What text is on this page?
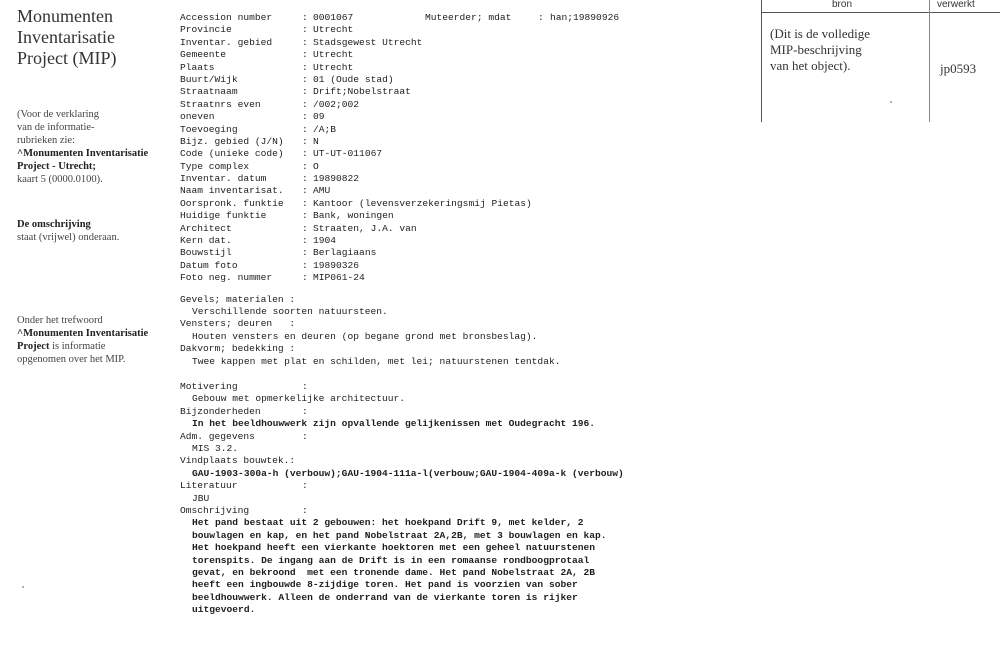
Monumenten
Inventarisatie
Project (MIP)
(Voor de verklaring
van de informatie-
rubrieken zie:
^Monumenten Inventarisatie
Project - Utrecht;
kaart 5 (0000.0100).
De omschrijving
staat (vrijwel) onderaan.
Onder het trefwoord
^Monumenten Inventarisatie
Project is informatie
opgenomen over het MIP.
Accession number	: 0001067	Muteerder; mdat	: han;19890926
Provincie	: Utrecht
Inventar. gebied	: Stadsgewest Utrecht
Gemeente	: Utrecht
Plaats	: Utrecht
Buurt/Wijk	: 01 (Oude stad)
Straatnaam	: Drift;Nobelstraat
Straatnrs even	: /002;002
oneven	: 09
Toevoeging	: /A;B
Bijz. gebied (J/N) : N
Code (unieke code) : UT-UT-011067
Type complex	: O
Inventar. datum	: 19890822
Naam inventarisat. : AMU
Oorspronk. funktie : Kantoor (levensverzekeringsmij Pietas)
Huidige funktie	: Bank, woningen
Architect	: Straaten, J.A. van
Kern dat.	: 1904
Bouwstijl	: Berlagiaans
Datum foto	: 19890326
Foto neg. nummer	: MIP061-24
Gevels; materialen :
Verschillende soorten natuursteen.
Vensters; deuren   :
Houten vensters en deuren (op begane grond met bronsbeslag).
Dakvorm; bedekking :
Twee kappen met plat en schilden, met lei; natuurstenen tentdak.
Motivering	:
Gebouw met opmerkelijke architectuur.
Bijzonderheden	:
In het beeldhouwwerk zijn opvallende gelijkenissen met Oudegracht 196.
Adm. gegevens	:
MIS 3.2.
Vindplaats bouwtek.:
GAU-1903-300a-h (verbouw);GAU-1904-111a-l(verbouw;GAU-1904-409a-k (verbouw)
Literatuur	:
JBU
Omschrijving	:
Het pand bestaat uit 2 gebouwen: het hoekpand Drift 9, met kelder, 2
bouwlagen en kap, en het pand Nobelstraat 2A,2B, met 3 bouwlagen en kap.
Het hoekpand heeft een vierkante hoektoren met een geheel natuurstenen
torenspits. De ingang aan de Drift is in een romaanse rondboogprotaal
gevat, en bekroond  met een tronende dame. Het pand Nobelstraat 2A, 2B
heeft een ingbouwde 8-zijdige toren. Het pand is voorzien van sober
beeldhouwwerk. Alleen de onderrand van de vierkante toren is rijker
uitgevoerd.
bron	verwerkt
(Dit is de volledige
MIP-beschrijving
van het object).	jp0593
